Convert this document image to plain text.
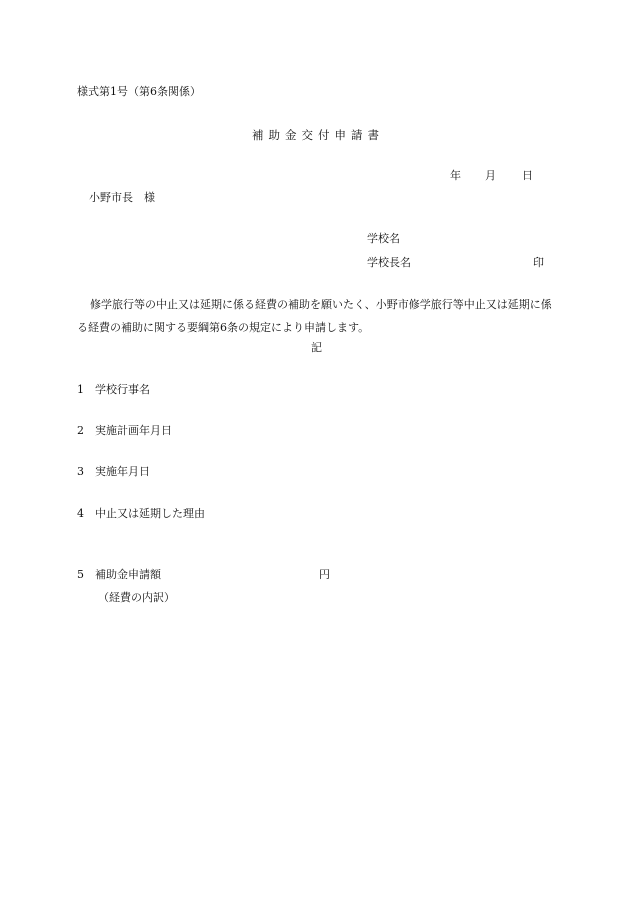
様式第1号（第6条関係）
補助金交付申請書
年 月 日
小野市長　様
学校名
学校長名	印
修学旅行等の中止又は延期に係る経費の補助を願いたく、小野市修学旅行等中止又は延期に係る経費の補助に関する要綱第6条の規定により申請します。
記
1 学校行事名
2 実施計画年月日
3 実施年月日
4 中止又は延期した理由
5 補助金申請額	円
（経費の内訳）
